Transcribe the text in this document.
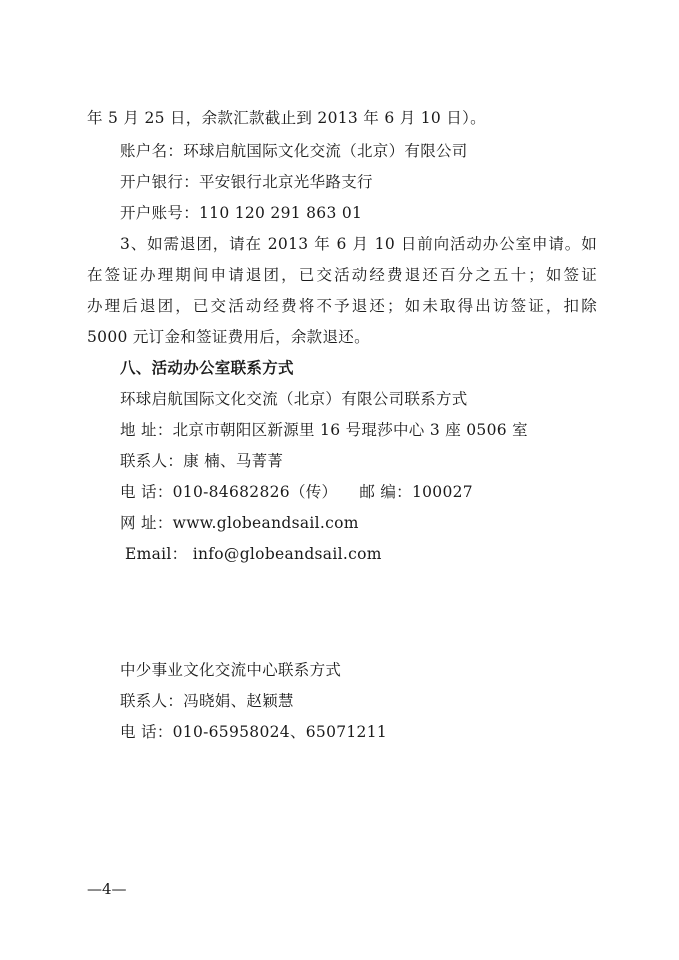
年 5 月 25 日，余款汇款截止到 2013 年 6 月 10 日）。
账户名：环球启航国际文化交流（北京）有限公司
开户银行：平安银行北京光华路支行
开户账号：110 120 291 863 01
3、如需退团，请在 2013 年 6 月 10 日前向活动办公室申请。如
在签证办理期间申请退团，已交活动经费退还百分之五十；如签证
办理后退团，已交活动经费将不予退还；如未取得出访签证，扣除
5000 元订金和签证费用后，余款退还。
八、活动办公室联系方式
环球启航国际文化交流（北京）有限公司联系方式
地 址：北京市朝阳区新源里 16 号琨莎中心 3 座 0506 室
联系人：康 楠、马菁菁
电 话：010-84682826（传） 邮 编：100027
网 址：www.globeandsail.com
Email： info@globeandsail.com
中少事业文化交流中心联系方式
联系人：冯晓娟、赵颖慧
电 话：010-65958024、65071211
—4—
